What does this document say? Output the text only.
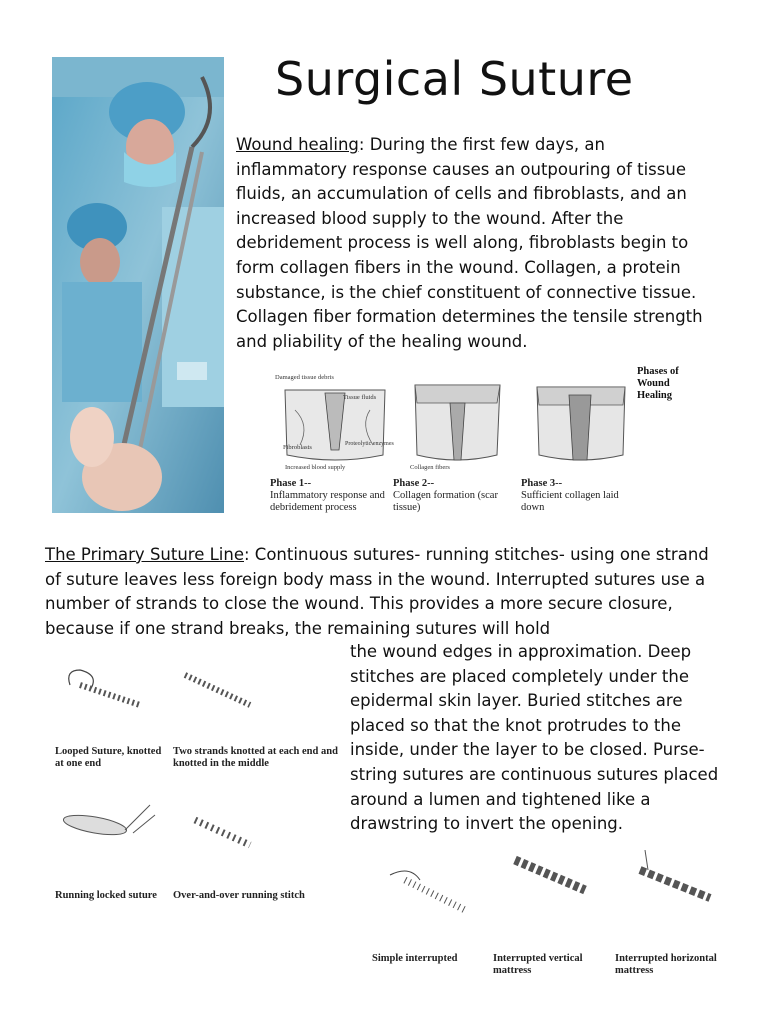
Surgical Suture
Wound healing: During the first few days, an inflammatory response causes an outpouring of tissue fluids, an accumulation of cells and fibroblasts, and an increased blood supply to the wound. After the debridement process is well along, fibroblasts begin to form collagen fibers in the wound. Collagen, a protein substance, is the chief constituent of connective tissue. Collagen fiber formation determines the tensile strength and pliability of the healing wound.
Damaged tissue debris
Tissue fluids
Fibroblasts	Proteolytic enzymes
Increased blood supply	Collagen fibers
Phases of Wound Healing
Phase 1--
Inflammatory response and debridement process
Phase 2--
Collagen formation (scar tissue)
Phase 3--
Sufficient collagen laid down
The Primary Suture Line: Continuous sutures- running stitches- using one strand of suture leaves less foreign body mass in the wound. Interrupted sutures use a number of strands to close the wound. This provides a more secure closure, because if one strand breaks, the remaining sutures will hold
the wound edges in approximation. Deep stitches are placed completely under the epidermal skin layer. Buried stitches are placed so that the knot protrudes to the inside, under the layer to be closed. Purse-string sutures are continuous sutures placed around a lumen and tightened like a drawstring to invert the opening.
Looped Suture, knotted at one end
Two strands knotted at each end and knotted in the middle
Running locked suture	Over-and-over running stitch
Simple interrupted	Interrupted vertical mattress
Interrupted horizontal mattress
